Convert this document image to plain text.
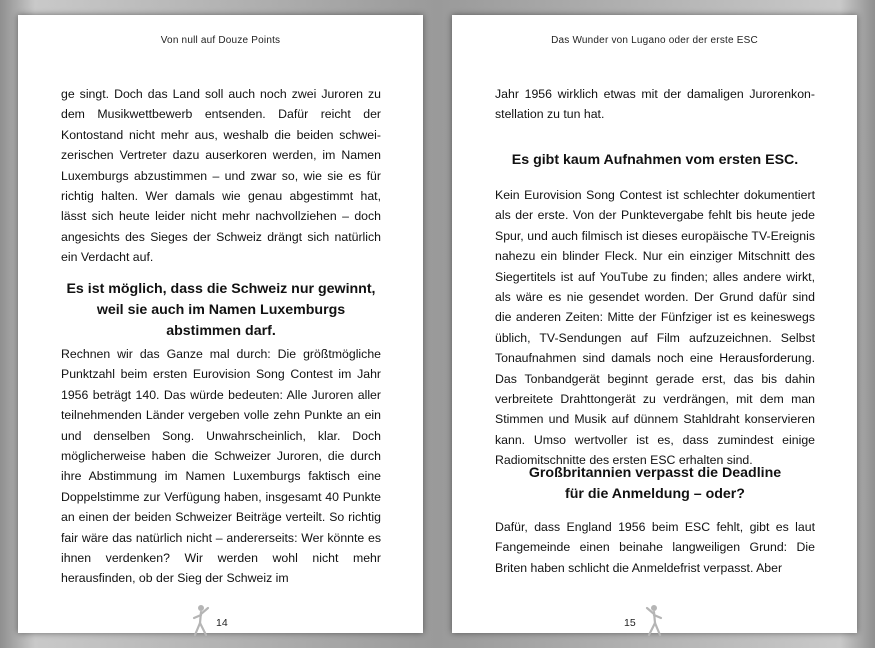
Von null auf Douze Points

ge singt. Doch das Land soll auch noch zwei Juroren zu dem Musikwettbewerb entsenden. Dafür reicht der Kontostand nicht mehr aus, weshalb die beiden schweizerischen Vertreter dazu auserkoren werden, im Namen Luxemburgs abzustimmen – und zwar so, wie sie es für richtig halten. Wer damals wie genau abgestimmt hat, lässt sich heute leider nicht mehr nachvollziehen – doch angesichts des Sieges der Schweiz drängt sich natürlich ein Verdacht auf.

Es ist möglich, dass die Schweiz nur gewinnt,
weil sie auch im Namen Luxemburgs
abstimmen darf.

Rechnen wir das Ganze mal durch: Die größtmögliche Punktzahl beim ersten Eurovision Song Contest im Jahr 1956 beträgt 140. Das würde bedeuten: Alle Juroren aller teilnehmenden Länder vergeben volle zehn Punkte an ein und denselben Song. Unwahrscheinlich, klar. Doch möglicherweise haben die Schweizer Juroren, die durch ihre Abstimmung im Namen Luxemburgs faktisch eine Doppelstimme zur Verfügung haben, insgesamt 40 Punkte an einen der beiden Schweizer Beiträge verteilt. So richtig fair wäre das natürlich nicht – andererseits: Wer könnte es ihnen verdenken? Wir werden wohl nicht mehr herausfinden, ob der Sieg der Schweiz im

14
Das Wunder von Lugano oder der erste ESC

Jahr 1956 wirklich etwas mit der damaligen Jurorenkonstellation zu tun hat.

Es gibt kaum Aufnahmen vom ersten ESC.

Kein Eurovision Song Contest ist schlechter dokumentiert als der erste. Von der Punktevergabe fehlt bis heute jede Spur, und auch filmisch ist dieses europäische TV-Ereignis nahezu ein blinder Fleck. Nur ein einziger Mitschnitt des Siegertitels ist auf YouTube zu finden; alles andere wirkt, als wäre es nie gesendet worden. Der Grund dafür sind die anderen Zeiten: Mitte der Fünfziger ist es keineswegs üblich, TV-Sendungen auf Film aufzuzeichnen. Selbst Tonaufnahmen sind damals noch eine Herausforderung. Das Tonbandgerät beginnt gerade erst, das bis dahin verbreitete Drahttongerät zu verdrängen, mit dem man Stimmen und Musik auf dünnem Stahldraht konservieren kann. Umso wertvoller ist es, dass zumindest einige Radiomitschnitte des ersten ESC erhalten sind.

Großbritannien verpasst die Deadline
für die Anmeldung – oder?

Dafür, dass England 1956 beim ESC fehlt, gibt es laut Fangemeinde einen beinahe langweiligen Grund: Die Briten haben schlicht die Anmeldefrist verpasst. Aber

15
